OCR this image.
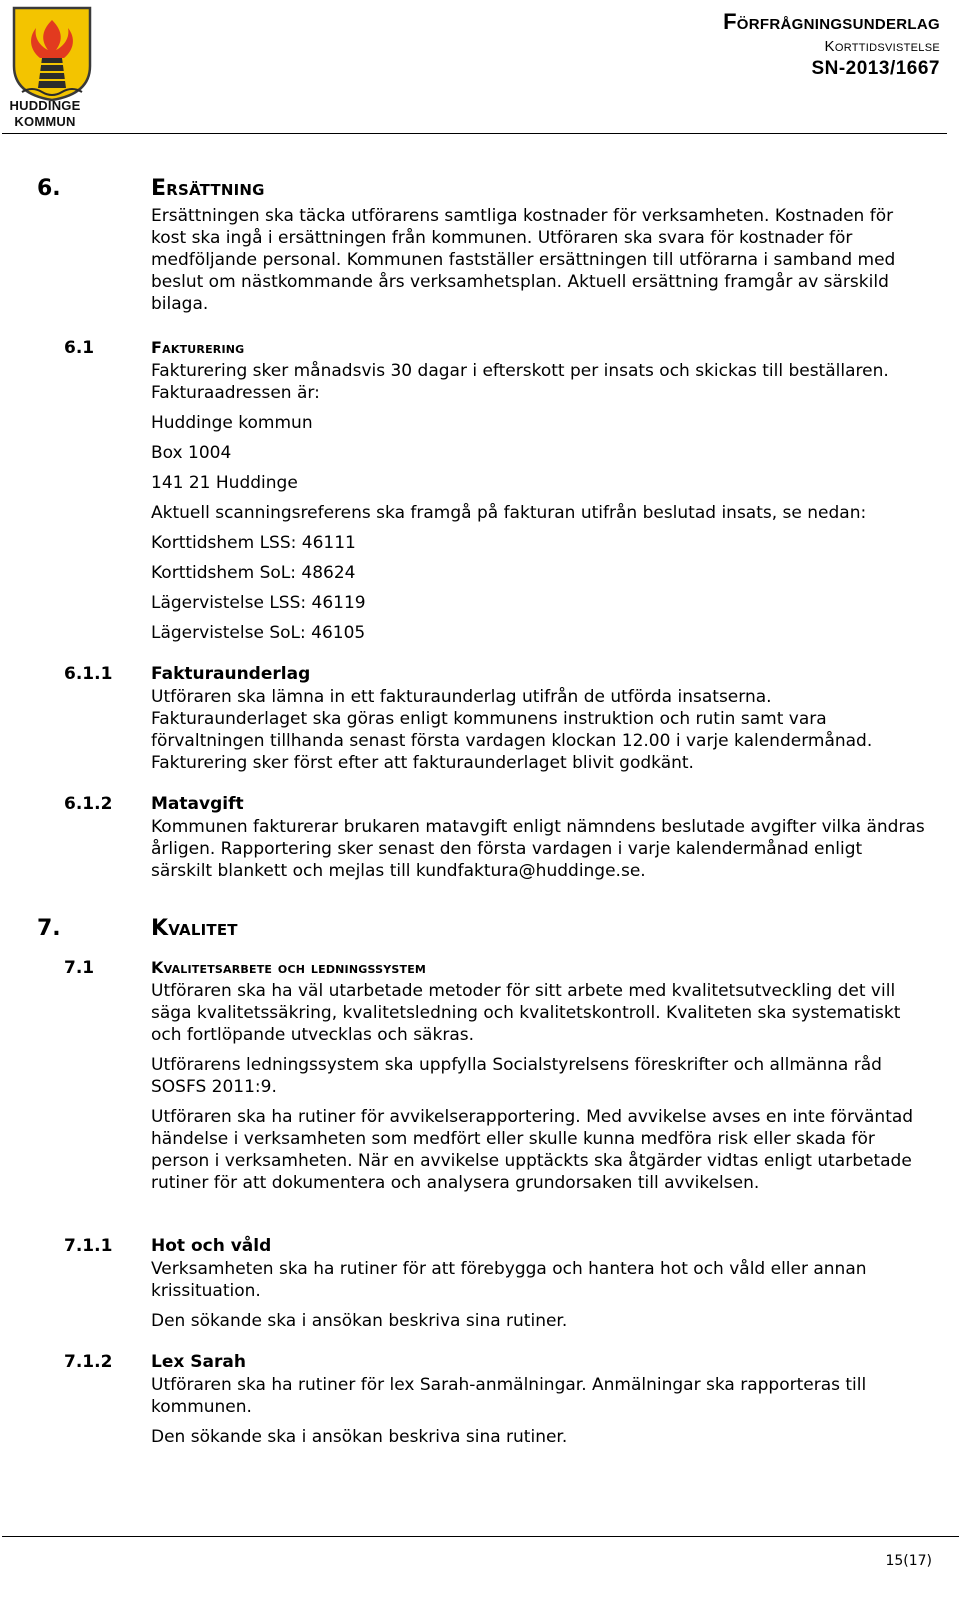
HUDDINGE
KOMMUN
Förfrågningsunderlag
Korttidsvistelse
SN-2013/1667
6.	Ersättning
Ersättningen ska täcka utförarens samtliga kostnader för verksamheten. Kostnaden för kost ska ingå i ersättningen från kommunen. Utföraren ska svara för kostnader för medföljande personal. Kommunen fastställer ersättningen till utförarna i samband med beslut om nästkommande års verksamhetsplan. Aktuell ersättning framgår av särskild bilaga.
6.1	Fakturering
Fakturering sker månadsvis 30 dagar i efterskott per insats och skickas till beställaren. Fakturaadressen är:
Huddinge kommun
Box 1004
141 21 Huddinge
Aktuell scanningsreferens ska framgå på fakturan utifrån beslutad insats, se nedan:
Korttidshem LSS: 46111
Korttidshem SoL: 48624
Lägervistelse LSS: 46119
Lägervistelse SoL: 46105
6.1.1 Fakturaunderlag
Utföraren ska lämna in ett fakturaunderlag utifrån de utförda insatserna. Fakturaunderlaget ska göras enligt kommunens instruktion och rutin samt vara förvaltningen tillhanda senast första vardagen klockan 12.00 i varje kalendermånad. Fakturering sker först efter att fakturaunderlaget blivit godkänt.
6.1.2 Matavgift
Kommunen fakturerar brukaren matavgift enligt nämndens beslutade avgifter vilka ändras årligen. Rapportering sker senast den första vardagen i varje kalendermånad enligt särskilt blankett och mejlas till kundfaktura@huddinge.se.
7.	Kvalitet
7.1	Kvalitetsarbete och ledningssystem
Utföraren ska ha väl utarbetade metoder för sitt arbete med kvalitetsutveckling det vill säga kvalitetssäkring, kvalitetsledning och kvalitetskontroll. Kvaliteten ska systematiskt och fortlöpande utvecklas och säkras.
Utförarens ledningssystem ska uppfylla Socialstyrelsens föreskrifter och allmänna råd SOSFS 2011:9.
Utföraren ska ha rutiner för avvikelserapportering. Med avvikelse avses en inte förväntad händelse i verksamheten som medfört eller skulle kunna medföra risk eller skada för person i verksamheten. När en avvikelse upptäckts ska åtgärder vidtas enligt utarbetade rutiner för att dokumentera och analysera grundorsaken till avvikelsen.
7.1.1 Hot och våld
Verksamheten ska ha rutiner för att förebygga och hantera hot och våld eller annan krissituation.
Den sökande ska i ansökan beskriva sina rutiner.
7.1.2 Lex Sarah
Utföraren ska ha rutiner för lex Sarah-anmälningar. Anmälningar ska rapporteras till kommunen.
Den sökande ska i ansökan beskriva sina rutiner.
15(17)
